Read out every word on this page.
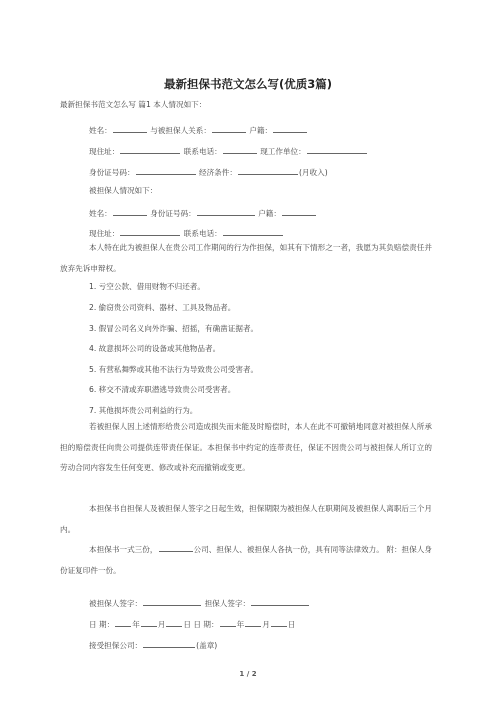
最新担保书范文怎么写(优质3篇)
最新担保书范文怎么写 篇1 本人情况如下：
姓名：	与被担保人关系：	户籍：
现住址：	联系电话：	现工作单位：
身份证号码：	经济条件：	(月收入)
被担保人情况如下：
姓名：	身份证号码：	户籍：
现住址：	联系电话：
本人特在此为被担保人在贵公司工作期间的行为作担保，如其有下情形之一者，我愿为其负赔偿责任并放弃先诉申辩权。
1. 亏空公款、借用财物不归还者。
2. 偷窃贵公司资料、器材、工具及物品者。
3. 假冒公司名义向外诈骗、招摇，有确凿证据者。
4. 故意损坏公司的设备或其他物品者。
5. 有营私舞弊或其他不法行为导致贵公司受害者。
6. 移交不清或弃职潜逃导致贵公司受害者。
7. 其他损坏贵公司利益的行为。
若被担保人因上述情形给贵公司造成损失而未能及时赔偿时，本人在此不可撤销地同意对被担保人所承担的赔偿责任向贵公司提供连带责任保证。本担保书中约定的连带责任，保证不因贵公司与被担保人所订立的劳动合同内容发生任何变更、修改或补充而撤销或变更。
本担保书自担保人及被担保人签字之日起生效，担保期限为被担保人在职期间及被担保人离职后三个月内。
本担保书一式三份，	公司、担保人、被担保人各执一份，具有同等法律效力。 附：担保人身份证复印件一份。
被担保人签字：	担保人签字：
日 期： 年 月 日 日 期： 年 月 日
接受担保公司：	(盖章)
1 / 2
